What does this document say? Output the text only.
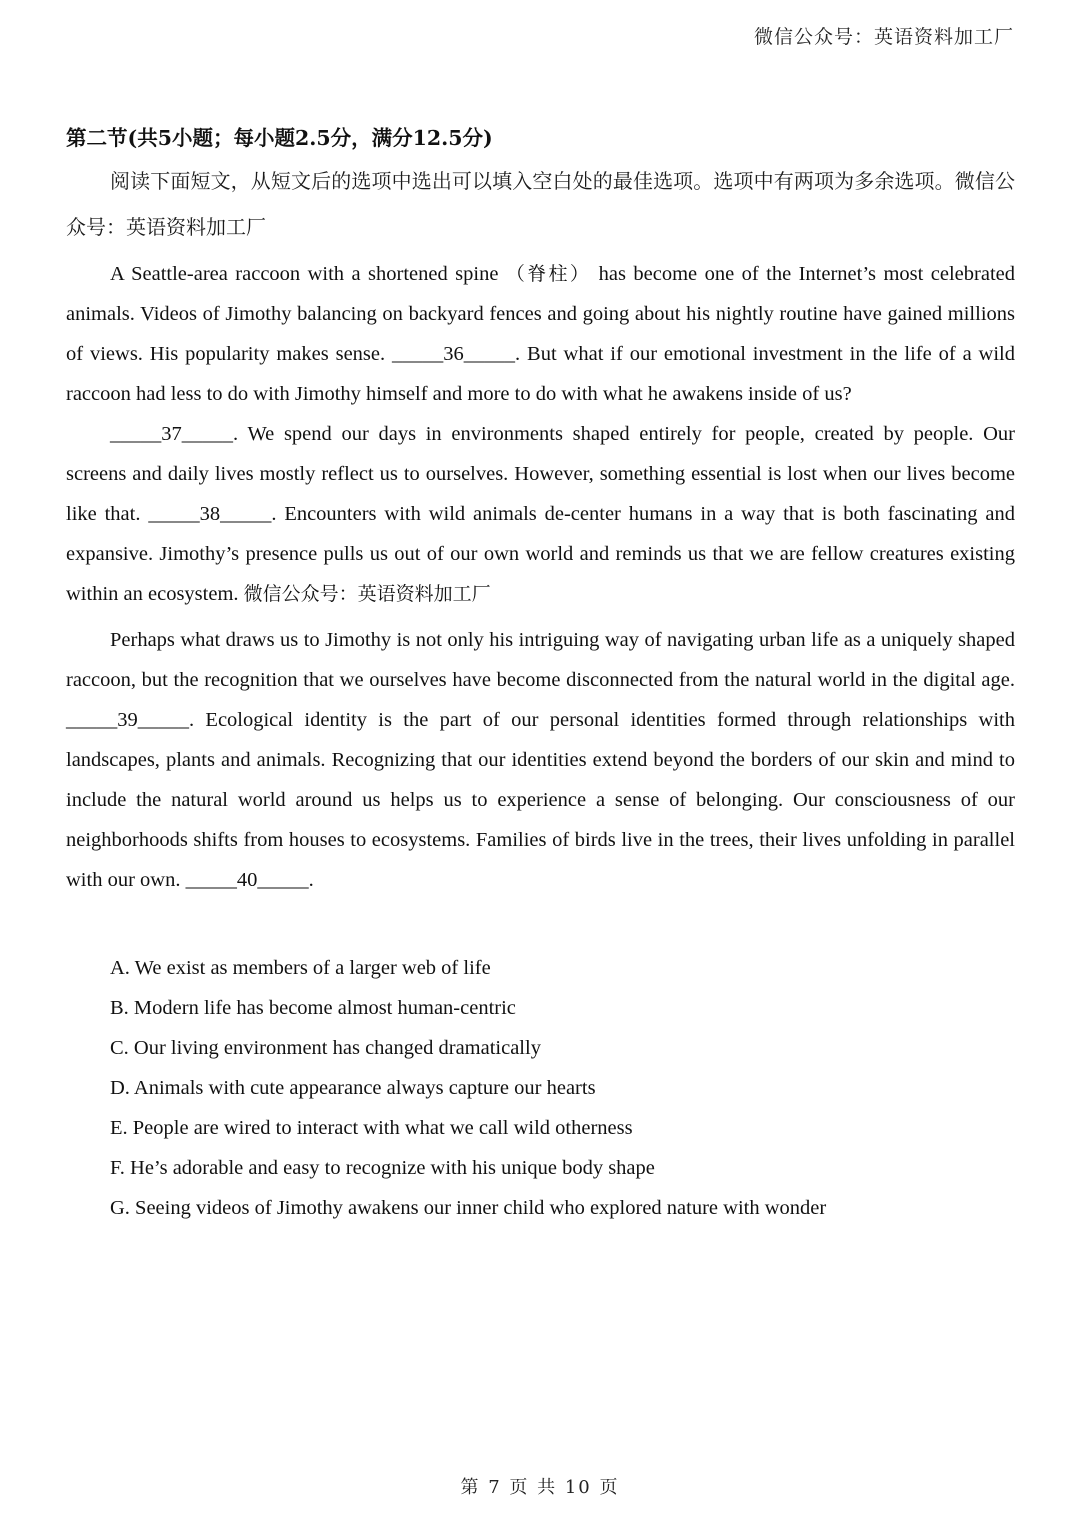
微信公众号：英语资料加工厂

第二节(共5小题；每小题2.5分，满分12.5分)

阅读下面短文，从短文后的选项中选出可以填入空白处的最佳选项。选项中有两项为多余选项。微信公众号：英语资料加工厂

A Seattle-area raccoon with a shortened spine （脊柱） has become one of the Internet’s most celebrated animals. Videos of Jimothy balancing on backyard fences and going about his nightly routine have gained millions of views. His popularity makes sense. _____36_____. But what if our emotional investment in the life of a wild raccoon had less to do with Jimothy himself and more to do with what he awakens inside of us?

_____37_____. We spend our days in environments shaped entirely for people, created by people. Our screens and daily lives mostly reflect us to ourselves. However, something essential is lost when our lives become like that. _____38_____. Encounters with wild animals de-center humans in a way that is both fascinating and expansive. Jimothy’s presence pulls us out of our own world and reminds us that we are fellow creatures existing within an ecosystem. 微信公众号：英语资料加工厂

Perhaps what draws us to Jimothy is not only his intriguing way of navigating urban life as a uniquely shaped raccoon, but the recognition that we ourselves have become disconnected from the natural world in the digital age. _____39_____. Ecological identity is the part of our personal identities formed through relationships with landscapes, plants and animals. Recognizing that our identities extend beyond the borders of our skin and mind to include the natural world around us helps us to experience a sense of belonging. Our consciousness of our neighborhoods shifts from houses to ecosystems. Families of birds live in the trees, their lives unfolding in parallel with our own. _____40_____.

A. We exist as members of a larger web of life

B. Modern life has become almost human-centric

C. Our living environment has changed dramatically

D. Animals with cute appearance always capture our hearts

E. People are wired to interact with what we call wild otherness

F. He’s adorable and easy to recognize with his unique body shape

G. Seeing videos of Jimothy awakens our inner child who explored nature with wonder

第 7 页 共 10 页
